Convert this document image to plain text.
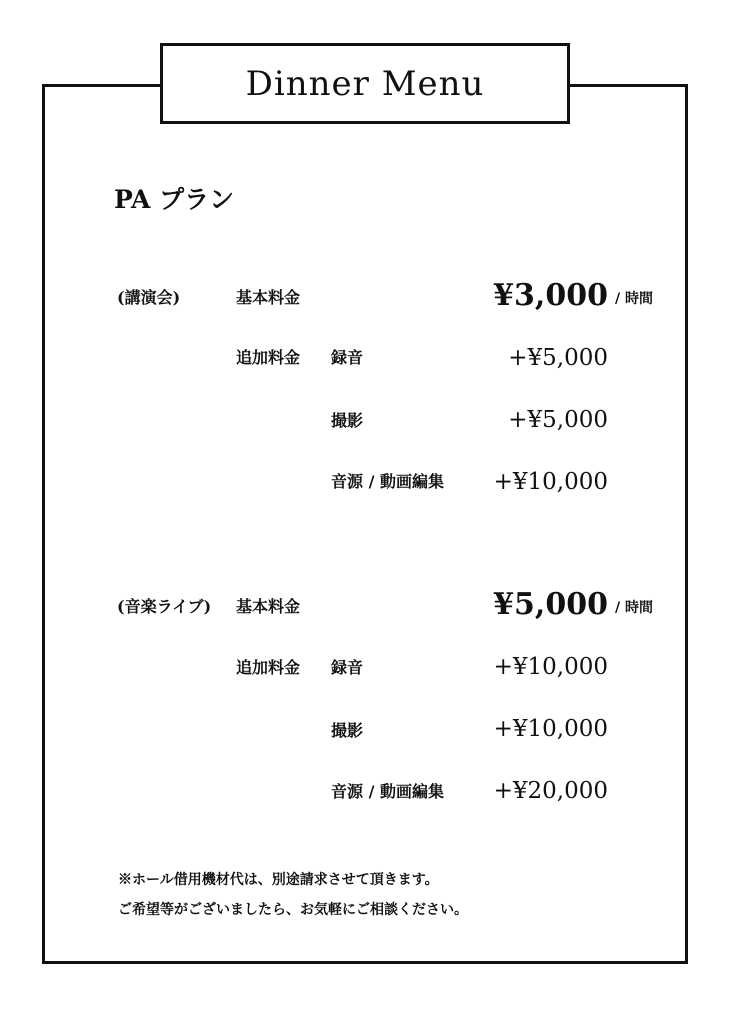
Dinner Menu
PA プラン
(講演会)	基本料金	¥3,000 / 時間
追加料金 録音	+¥5,000
撮影	+¥5,000
音源 / 動画編集 +¥10,000
(音楽ライブ) 基本料金	¥5,000 / 時間
追加料金 録音	+¥10,000
撮影	+¥10,000
音源 / 動画編集 +¥20,000
※ホール借用機材代は、別途請求させて頂きます。
ご希望等がございましたら、お気軽にご相談ください。
